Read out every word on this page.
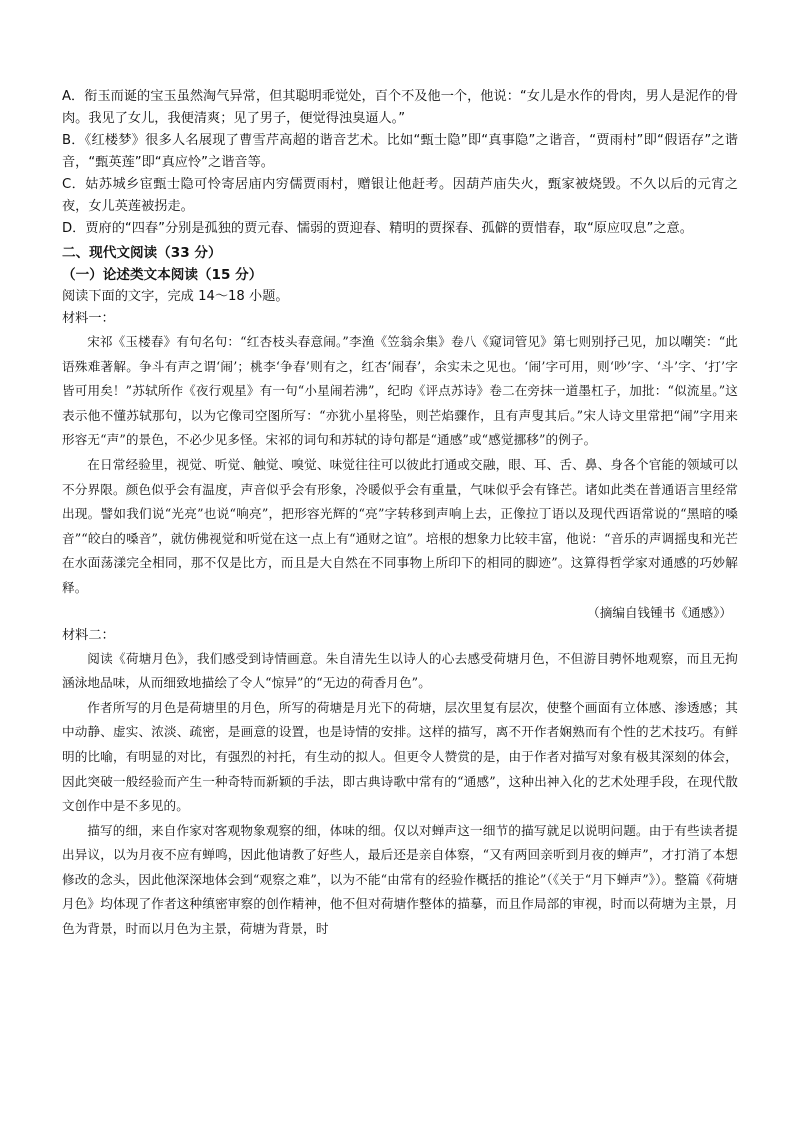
A．衔玉而诞的宝玉虽然淘气异常，但其聪明乖觉处，百个不及他一个，他说：“女儿是水作的骨肉，男人是泥作的骨肉。我见了女儿，我便清爽；见了男子，便觉得浊臭逼人。”

B．《红楼梦》很多人名展现了曹雪芹高超的谐音艺术。比如“甄士隐”即“真事隐”之谐音，“贾雨村”即“假语存”之谐音，“甄英莲”即“真应怜”之谐音等。

C．姑苏城乡宦甄士隐可怜寄居庙内穷儒贾雨村，赠银让他赶考。因葫芦庙失火，甄家被烧毁。不久以后的元宵之夜，女儿英莲被拐走。

D．贾府的“四春”分别是孤独的贾元春、懦弱的贾迎春、精明的贾探春、孤僻的贾惜春，取“原应叹息”之意。

二、现代文阅读（33 分）

（一）论述类文本阅读（15 分）

阅读下面的文字，完成 14～18 小题。

材料一：

宋祁《玉楼春》有句名句：“红杏枝头春意闹。”李渔《笠翁余集》卷八《窥词管见》第七则别抒己见，加以嘲笑：“此语殊难著解。争斗有声之谓‘闹’；桃李‘争春’则有之，红杏‘闹春’，余实未之见也。‘闹’字可用，则‘吵’字、‘斗’字、‘打’字皆可用矣！”苏轼所作《夜行观星》有一句“小星闹若沸”，纪昀《评点苏诗》卷二在旁抹一道墨杠子，加批：“似流星。”这表示他不懂苏轼那句，以为它像司空图所写：“亦犹小星将坠，则芒焰骤作，且有声叟其后。”宋人诗文里常把“闹”字用来形容无“声”的景色，不必少见多怪。宋祁的词句和苏轼的诗句都是“通感”或“感觉挪移”的例子。

在日常经验里，视觉、听觉、触觉、嗅觉、味觉往往可以彼此打通或交融，眼、耳、舌、鼻、身各个官能的领域可以不分界限。颜色似乎会有温度，声音似乎会有形象，冷暖似乎会有重量，气味似乎会有锋芒。诸如此类在普通语言里经常出现。譬如我们说“光亮”也说“响亮”，把形容光辉的“亮”字转移到声响上去，正像拉丁语以及现代西语常说的“黑暗的嗓音”“皎白的嗓音”，就仿佛视觉和听觉在这一点上有“通财之谊”。培根的想象力比较丰富，他说：“音乐的声调摇曳和光芒在水面荡漾完全相同，那不仅是比方，而且是大自然在不同事物上所印下的相同的脚迹”。这算得哲学家对通感的巧妙解释。

（摘编自钱锺书《通感》）

材料二：

阅读《荷塘月色》，我们感受到诗情画意。朱自清先生以诗人的心去感受荷塘月色，不但游目骋怀地观察，而且无拘涵泳地品味，从而细致地描绘了令人“惊异”的“无边的荷香月色”。

作者所写的月色是荷塘里的月色，所写的荷塘是月光下的荷塘，层次里复有层次，使整个画面有立体感、渗透感；其中动静、虚实、浓淡、疏密，是画意的设置，也是诗情的安排。这样的描写，离不开作者娴熟而有个性的艺术技巧。有鲜明的比喻，有明显的对比，有强烈的衬托，有生动的拟人。但更令人赞赏的是，由于作者对描写对象有极其深刻的体会，因此突破一般经验而产生一种奇特而新颖的手法，即古典诗歌中常有的“通感”，这种出神入化的艺术处理手段，在现代散文创作中是不多见的。

描写的细，来自作家对客观物象观察的细，体味的细。仅以对蝉声这一细节的描写就足以说明问题。由于有些读者提出异议，以为月夜不应有蝉鸣，因此他请教了好些人，最后还是亲自体察，“又有两回亲听到月夜的蝉声”，才打消了本想修改的念头，因此他深深地体会到“观察之难”，以为不能“由常有的经验作概括的推论”（《关于“月下蝉声”》）。整篇《荷塘月色》均体现了作者这种缜密审察的创作精神，他不但对荷塘作整体的描摹，而且作局部的审视，时而以荷塘为主景，月色为背景，时而以月色为主景，荷塘为背景，时
